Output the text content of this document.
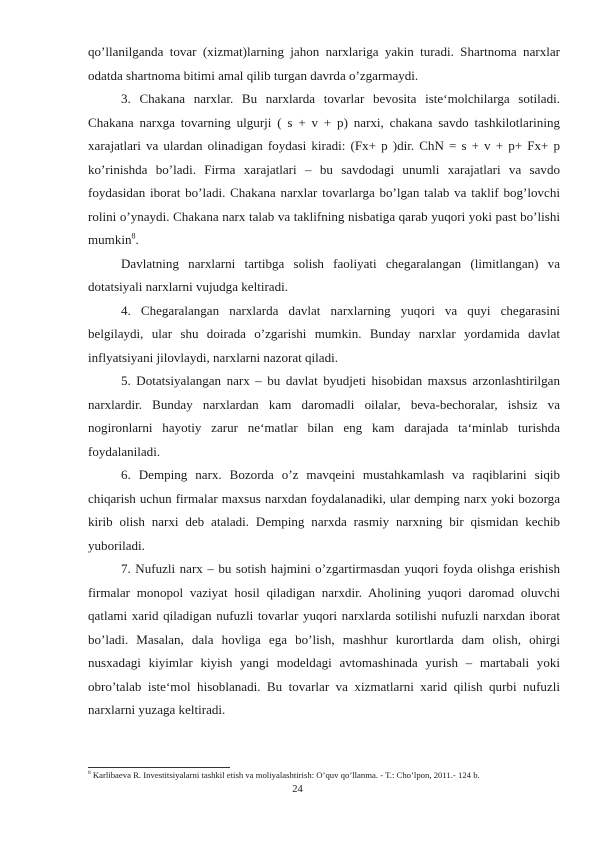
qo’llanilganda tovar (xizmat)larning jahon narxlariga yakin turadi. Shartnoma narxlar odatda shartnoma bitimi amal qilib turgan davrda o’zgarmaydi.

3. Chakana narxlar. Bu narxlarda tovarlar bevosita iste‘molchilarga sotiladi. Chakana narxga tovarning ulgurji ( s + v + p) narxi, chakana savdo tashkilotlarining xarajatlari va ulardan olinadigan foydasi kiradi: (Fx+ p )dir. ChN = s + v + p+ Fx+ p ko’rinishda bo’ladi. Firma xarajatlari – bu savdodagi unumli xarajatlari va savdo foydasidan iborat bo’ladi. Chakana narxlar tovarlarga bo’lgan talab va taklif bog’lovchi rolini o’ynaydi. Chakana narx talab va taklifning nisbatiga qarab yuqori yoki past bo’lishi mumkin$^8$.

Davlatning narxlarni tartibga solish faoliyati chegaralangan (limitlangan) va dotatsiyali narxlarni vujudga keltiradi.

4. Chegaralangan narxlarda davlat narxlarning yuqori va quyi chegarasini belgilaydi, ular shu doirada o’zgarishi mumkin. Bunday narxlar yordamida davlat inflyatsiyani jilovlaydi, narxlarni nazorat qiladi.

5. Dotatsiyalangan narx – bu davlat byudjeti hisobidan maxsus arzonlashtirilgan narxlardir. Bunday narxlardan kam daromadli oilalar, beva-bechoralar, ishsiz va nogironlarni hayotiy zarur ne‘matlar bilan eng kam darajada ta‘minlab turishda foydalaniladi.

6. Demping narx. Bozorda o’z mavqeini mustahkamlash va raqiblarini siqib chiqarish uchun firmalar maxsus narxdan foydalanadiki, ular demping narx yoki bozorga kirib olish narxi deb ataladi. Demping narxda rasmiy narxning bir qismidan kechib yuboriladi.

7. Nufuzli narx – bu sotish hajmini o’zgartirmasdan yuqori foyda olishga erishish firmalar monopol vaziyat hosil qiladigan narxdir. Aholining yuqori daromad oluvchi qatlami xarid qiladigan nufuzli tovarlar yuqori narxlarda sotilishi nufuzli narxdan iborat bo’ladi. Masalan, dala hovliga ega bo’lish, mashhur kurortlarda dam olish, ohirgi nusxadagi kiyimlar kiyish yangi modeldagi avtomashinada yurish – martabali yoki obro’talab iste‘mol hisoblanadi. Bu tovarlar va xizmatlarni xarid qilish qurbi nufuzli narxlarni yuzaga keltiradi.

$^8$ Karlibaeva R. Investitsiyalarni tashkil etish va moliyalashtirish: O’quv qo’llanma. - T.: Cho’lpon, 2011.- 124 b.
24
